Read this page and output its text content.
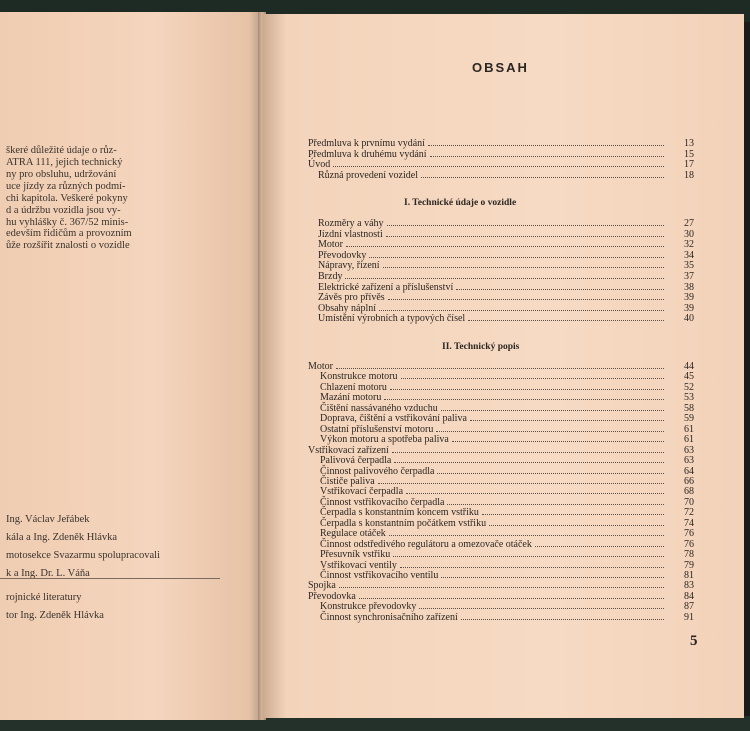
škeré důležité údaje o růz-
ATRA 111, jejich technický
ny pro obsluhu, udržování
uce jízdy za různých podmí-
chi kapitola. Veškeré pokyny
d a údržbu vozidla jsou vy-
hu vyhlášky č. 367/52 minis-
edevším řidičům a provozním
ůže rozšířit znalosti o vozidle
Ing. Václav Jeřábek
kála a Ing. Zdeněk Hlávka
motosekce Svazarmu spolupracovali
k a Ing. Dr. L. Váňa
rojnické literatury
tor Ing. Zdeněk Hlávka
OBSAH
I. Technické údaje o vozidle
II. Technický popis
Předmluva k prvnímu vydání	13
Předmluva k druhému vydání	15
Úvod	17
Různá provedení vozidel	18
Rozměry a váhy	27
Jízdní vlastnosti	30
Motor	32
Převodovky	34
Nápravy, řízení	35
Brzdy	37
Elektrické zařízení a příslušenství	38
Závěs pro přívěs	39
Obsahy náplní	39
Umístění výrobních a typových čísel	40
Motor	44
Konstrukce motoru	45
Chlazení motoru	52
Mazání motoru	53
Čištění nassávaného vzduchu	58
Doprava, čištění a vstřikování paliva	59
Ostatní příslušenství motoru	61
Výkon motoru a spotřeba paliva	61
Vstřikovací zařízení	63
Palivová čerpadla	63
Činnost palivového čerpadla	64
Čističe paliva	66
Vstřikovací čerpadla	68
Činnost vstřikovacího čerpadla	70
Čerpadla s konstantním koncem vstřiku	72
Čerpadla s konstantním počátkem vstřiku	74
Regulace otáček	76
Činnost odstředivého regulátoru a omezovače otáček	76
Přesuvník vstřiku	78
Vstřikovací ventily	79
Činnost vstřikovacího ventilu	81
Spojka	83
Převodovka	84
Konstrukce převodovky	87
Činnost synchronisačního zařízení	91
5
